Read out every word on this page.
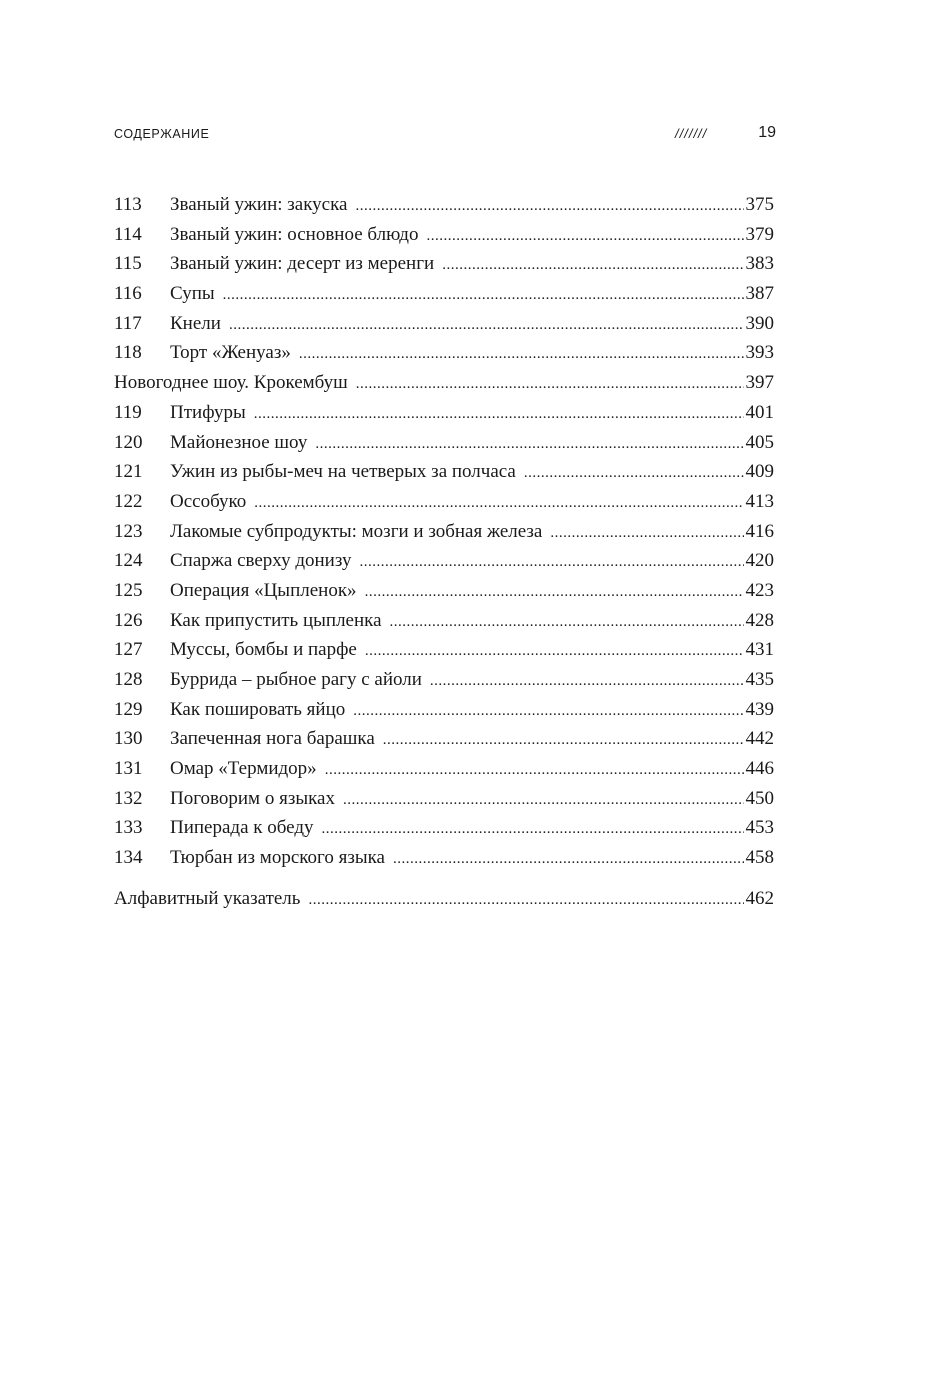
СОДЕРЖАНИЕ	///////	19
113	Званый ужин: закуска .....	375
114	Званый ужин: основное блюдо .....	379
115	Званый ужин: десерт из меренги .....	383
116	Супы .....	387
117	Кнели .....	390
118	Торт «Женуаз» .....	393
Новогоднее шоу. Крокембуш .....	397
119	Птифуры .....	401
120	Майонезное шоу .....	405
121	Ужин из рыбы-меч на четверых за полчаса .....	409
122	Оссобуко .....	413
123	Лакомые субпродукты: мозги и зобная железа .....	416
124	Спаржа сверху донизу .....	420
125	Операция «Цыпленок» .....	423
126	Как припустить цыпленка .....	428
127	Муссы, бомбы и парфе .....	431
128	Буррида – рыбное рагу с айоли .....	435
129	Как пошировать яйцо .....	439
130	Запеченная нога барашка .....	442
131	Омар «Термидор» .....	446
132	Поговорим о языках .....	450
133	Пиперада к обеду .....	453
134	Тюрбан из морского языка .....	458
Алфавитный указатель .....	462
